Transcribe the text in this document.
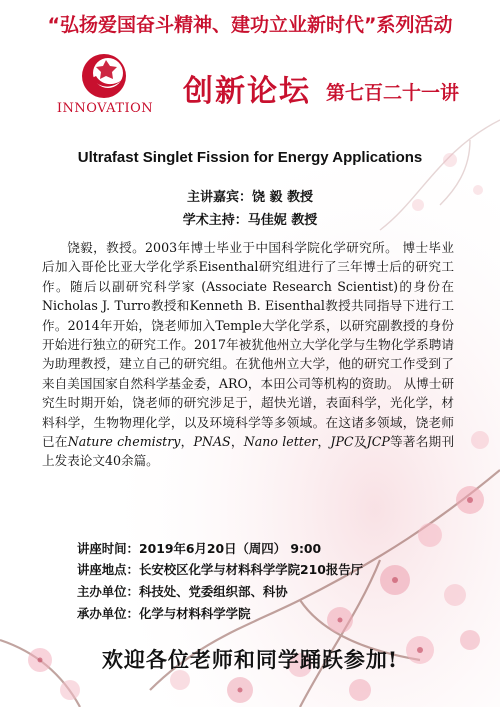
“弘扬爱国奋斗精神、建功立业新时代”系列活动
INNOVATION 创新论坛 第七百二十一讲
Ultrafast Singlet Fission for Energy Applications
主讲嘉宾：饶 毅 教授
学术主持：马佳妮 教授
饶毅，教授。2003年博士毕业于中国科学院化学研究所。 博士毕业后加入哥伦比亚大学化学系Eisenthal研究组进行了三年博士后的研究工作。随后以副研究科学家 (Associate Research Scientist)的身份在Nicholas J. Turro教授和Kenneth B. Eisenthal教授共同指导下进行工作。2014年开始，饶老师加入Temple大学化学系，以研究副教授的身份开始进行独立的研究工作。2017年被犹他州立大学化学与生物化学系聘请为助理教授，建立自己的研究组。在犹他州立大学，他的研究工作受到了来自美国国家自然科学基金委，ARO，本田公司等机构的资助。 从博士研究生时期开始，饶老师的研究涉足于，超快光谱，表面科学，光化学，材料科学，生物物理化学，以及环境科学等多领域。在这诸多领域，饶老师已在Nature chemistry，PNAS，Nano letter，JPC及JCP等著名期刊上发表论文40余篇。
讲座时间：2019年6月20日（周四） 9:00
讲座地点：长安校区化学与材料科学学院210报告厅
主办单位：科技处、党委组织部、科协
承办单位：化学与材料科学学院
欢迎各位老师和同学踊跃参加!
